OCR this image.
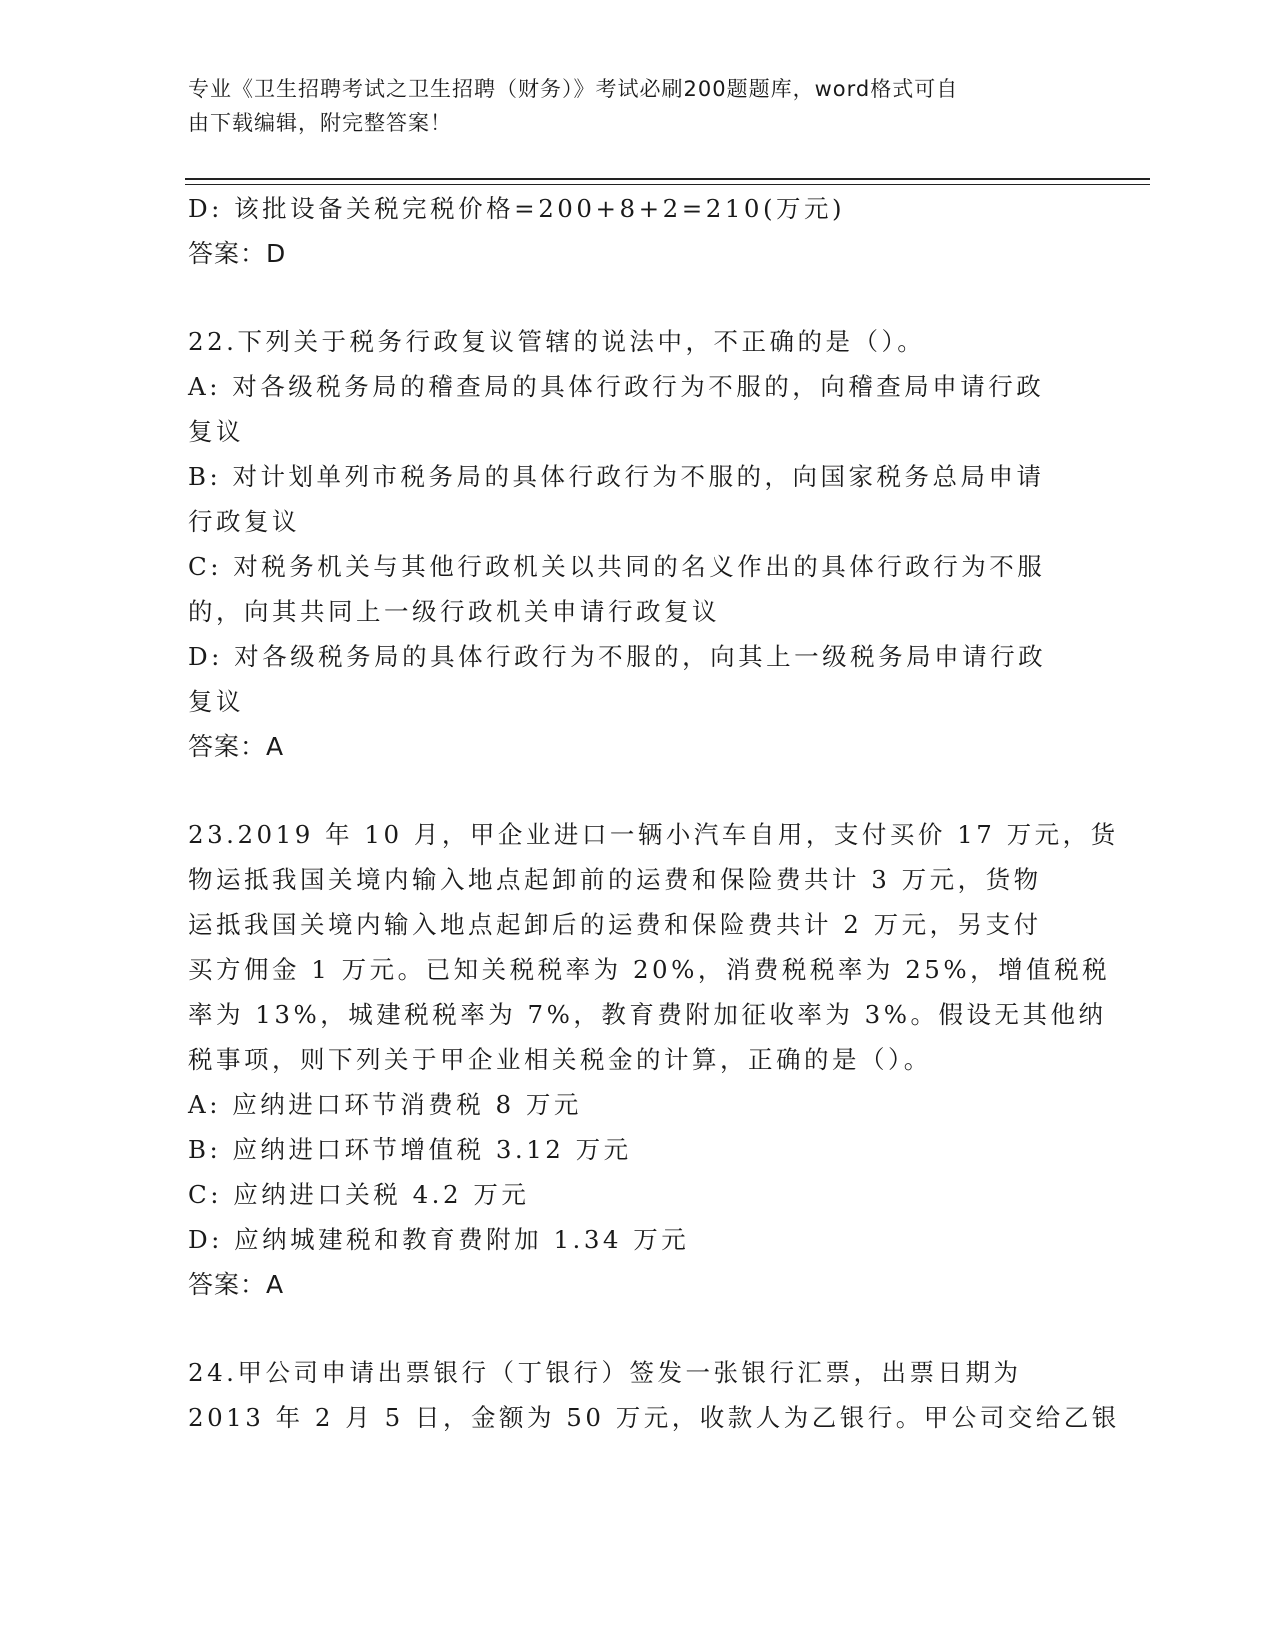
专业《卫生招聘考试之卫生招聘（财务）》考试必刷200题题库，word格式可自
由下载编辑，附完整答案！
D: 该批设备关税完税价格=200+8+2=210(万元)
答案：D
22.下列关于税务行政复议管辖的说法中，不正确的是（）。
A: 对各级税务局的稽查局的具体行政行为不服的，向稽查局申请行政
复议
B: 对计划单列市税务局的具体行政行为不服的，向国家税务总局申请
行政复议
C: 对税务机关与其他行政机关以共同的名义作出的具体行政行为不服
的，向其共同上一级行政机关申请行政复议
D: 对各级税务局的具体行政行为不服的，向其上一级税务局申请行政
复议
答案：A
23.2019 年 10 月，甲企业进口一辆小汽车自用，支付买价 17 万元，货
物运抵我国关境内输入地点起卸前的运费和保险费共计 3 万元，货物
运抵我国关境内输入地点起卸后的运费和保险费共计 2 万元，另支付
买方佣金 1 万元。已知关税税率为 20%，消费税税率为 25%，增值税税
率为 13%，城建税税率为 7%，教育费附加征收率为 3%。假设无其他纳
税事项，则下列关于甲企业相关税金的计算，正确的是（）。
A: 应纳进口环节消费税 8 万元
B: 应纳进口环节增值税 3.12 万元
C: 应纳进口关税 4.2 万元
D: 应纳城建税和教育费附加 1.34 万元
答案：A
24.甲公司申请出票银行（丁银行）签发一张银行汇票，出票日期为
2013 年 2 月 5 日，金额为 50 万元，收款人为乙银行。甲公司交给乙银
